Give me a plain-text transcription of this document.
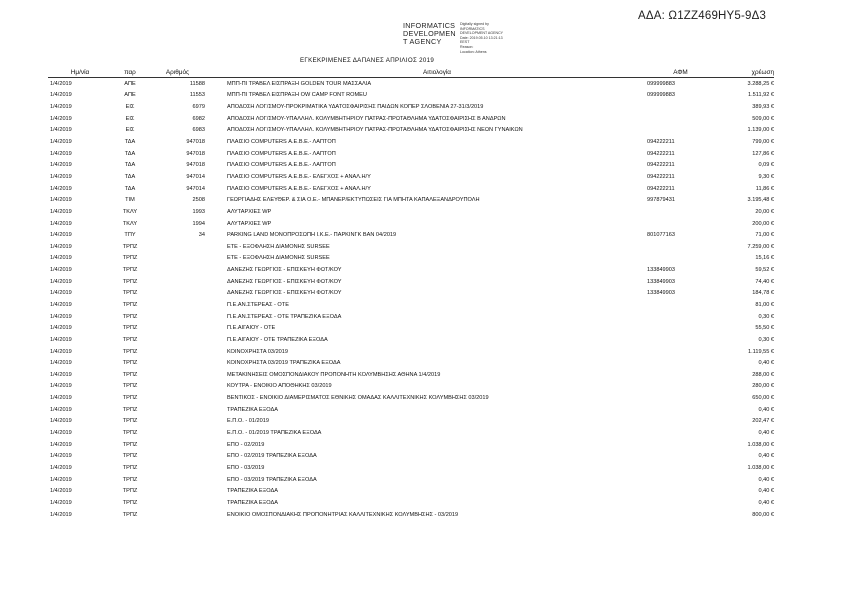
ΑΔΑ: Ω1ΖΖ469ΗΥ5-9Δ3
INFORMATICS
DEVELOPMEN
T AGENCY
Digitally signed by
INFORMATICS
DEVELOPMENT AGENCY
Date: 2019.05.10 13:21:13
EEST
Reason:
Location: Athens
ΕΓΚΕΚΡΙΜΕΝΕΣ ΔΑΠΑΝΕΣ ΑΠΡΙΛΙΟΣ 2019
Ημ/νία	παρ	Αριθμός		Αιτιολογία	ΑΦΜ	χρέωση
1/4/2019	ΑΠΕ	11588		ΜΠΠ-ΠΙ ΤΡΑΒΕΛ ΕΙΣΠΡΑΞΗ GOLDEN TOUR ΜΑΣΣΑΛΙΑ	099999883	3.288,25 €
1/4/2019	ΑΠΕ	11553		ΜΠΠ-ΠΙ ΤΡΑΒΕΛ ΕΙΣΠΡΑΞΗ ΟW CAMP FONT ROMEU	099999883	1.511,92 €
1/4/2019	ΕΙΣ	6979		ΑΠΟΔΟΣΗ ΛΟΓ/ΣΜΟΥ-ΠΡΟΚΡΙΜΑΤΙΚΑ ΥΔΑΤΟΣΦΑΙΡΙΣΗΣ ΠΑΙΔΩΝ ΚΟΠΕΡ ΣΛΟΒΕΝΙΑ 27-31/3/2019		389,93 €
1/4/2019	ΕΙΣ	6982		ΑΠΟΔΟΣΗ ΛΟΓ/ΣΜΟΥ-ΥΠΑΛΛΗΛ. ΚΟΛΥΜΒΗΤΗΡΙΟΥ ΠΑΤΡΑΣ-ΠΡΩΤΑΘΛΗΜΑ ΥΔΑΤΟΣΦΑΙΡΙΣΗΣ Β ΑΝΔΡΩΝ		509,00 €
1/4/2019	ΕΙΣ	6983		ΑΠΟΔΟΣΗ ΛΟΓ/ΣΜΟΥ-ΥΠΑΛΛΗΛ. ΚΟΛΥΜΒΗΤΗΡΙΟΥ ΠΑΤΡΑΣ-ΠΡΩΤΑΘΛΗΜΑ ΥΔΑΤΟΣΦΑΙΡΙΣΗΣ ΝΕΩΝ ΓΥΝΑΙΚΩΝ		1.139,00 €
1/4/2019	ΤΔΑ	947018		ΠΛΑΙΣΙΟ COMPUTERS Α.Ε.Β.Ε.- ΛΑΠΤΟΠ	094222211	799,00 €
1/4/2019	ΤΔΑ	947018		ΠΛΑΙΣΙΟ COMPUTERS Α.Ε.Β.Ε.- ΛΑΠΤΟΠ	094222211	127,86 €
1/4/2019	ΤΔΑ	947018		ΠΛΑΙΣΙΟ COMPUTERS Α.Ε.Β.Ε.- ΛΑΠΤΟΠ	094222211	0,09 €
1/4/2019	ΤΔΑ	947014		ΠΛΑΙΣΙΟ COMPUTERS Α.Ε.Β.Ε.- ΕΛΕΓΧΟΣ + ΑΝΑΛ.Η/Υ	094222211	9,30 €
1/4/2019	ΤΔΑ	947014		ΠΛΑΙΣΙΟ COMPUTERS Α.Ε.Β.Ε.- ΕΛΕΓΧΟΣ + ΑΝΑΛ.Η/Υ	094222211	11,86 €
1/4/2019	ΤΙΜ	2508		ΓΕΩΡΓΙΑΔΗΣ ΕΛΕΥΘΕΡ. & ΣΙΑ Ο.Ε.- ΜΠΑΝΕΡ/ΕΚΤΥΠΩΣΕΙΣ ΓΙΑ ΜΠΗΤΑ ΚΑΠΑΛΕΞΑΝΔΡΟΥΠΟΛΗ	997879431	3.195,48 €
1/4/2019	ΤΚΛΥ	1993		ΑΛΥΤΑΡΧΙΕΣ WP		20,00 €
1/4/2019	ΤΚΛΥ	1994		ΑΛΥΤΑΡΧΙΕΣ WP		200,00 €
1/4/2019	ΤΠΥ	34		PARKING LAND ΜΟΝΟΠΡΟΣΩΠΗ Ι.Κ.Ε.- ΠΑΡΚΙΝΓΚ ΒΑΝ 04/2019	801077163	71,00 €
1/4/2019	ΤΡΠΖ			ΕΤΕ - ΕΞΟΦΛΗΣΗ ΔΙΑΜΟΝΗΣ SURSEE		7.259,00 €
1/4/2019	ΤΡΠΖ			ΕΤΕ - ΕΞΟΦΛΗΣΗ ΔΙΑΜΟΝΗΣ SURSEE		15,16 €
1/4/2019	ΤΡΠΖ			ΔΑΝΕΖΗΣ ΓΕΩΡΓΙΟΣ - ΕΠΙΣΚΕΥΗ ΦΩΤ/ΚΟΥ	133849903	59,52 €
1/4/2019	ΤΡΠΖ			ΔΑΝΕΖΗΣ ΓΕΩΡΓΙΟΣ - ΕΠΙΣΚΕΥΗ ΦΩΤ/ΚΟΥ	133849903	74,40 €
1/4/2019	ΤΡΠΖ			ΔΑΝΕΖΗΣ ΓΕΩΡΓΙΟΣ - ΕΠΙΣΚΕΥΗ ΦΩΤ/ΚΟΥ	133849903	184,78 €
1/4/2019	ΤΡΠΖ			Π.Ε.ΑΝ.ΣΤΕΡΕΑΣ - ΟΤΕ		81,00 €
1/4/2019	ΤΡΠΖ			Π.Ε.ΑΝ.ΣΤΕΡΕΑΣ - ΟΤΕ ΤΡΑΠΕΖΙΚΑ ΕΞΟΔΑ		0,30 €
1/4/2019	ΤΡΠΖ			Π.Ε.ΑΙΓΑΙΟΥ - ΟΤΕ		55,50 €
1/4/2019	ΤΡΠΖ			Π.Ε.ΑΙΓΑΙΟΥ - ΟΤΕ ΤΡΑΠΕΖΙΚΑ ΕΞΟΔΑ		0,30 €
1/4/2019	ΤΡΠΖ			ΚΟΙΝΟΧΡΗΣΤΑ 03/2019		1.119,55 €
1/4/2019	ΤΡΠΖ			ΚΟΙΝΟΧΡΗΣΤΑ 03/2019 ΤΡΑΠΕΖΙΚΑ ΕΞΟΔΑ		0,40 €
1/4/2019	ΤΡΠΖ			ΜΕΤΑΚΙΝΗΣΕΙΣ ΟΜΟΣΠΟΝΔΙΑΚΟΥ ΠΡΟΠΟΝΗΤΗ ΚΟΛΥΜΒΗΣΗΣ ΑΘΗΝΑ 1/4/2019		288,00 €
1/4/2019	ΤΡΠΖ			ΚΟΥΤΡΑ - ΕΝΟΙΚΙΟ ΑΠΟΘΗΚΗΣ 03/2019		280,00 €
1/4/2019	ΤΡΠΖ			ΒΕΝΤΙΚΟΣ - ΕΝΟΙΚΙΟ ΔΙΑΜΕΡΙΣΜΑΤΟΣ ΕΘΝΙΚΗΣ ΟΜΑΔΑΣ ΚΑΛΛΙΤΕΧΝΙΚΗΣ ΚΟΛΥΜΒΗΣΗΣ 03/2019		650,00 €
1/4/2019	ΤΡΠΖ			ΤΡΑΠΕΖΙΚΑ ΕΞΟΔΑ		0,40 €
1/4/2019	ΤΡΠΖ			Ε.Π.Ο. - 01/2019		202,47 €
1/4/2019	ΤΡΠΖ			Ε.Π.Ο. - 01/2019 ΤΡΑΠΕΖΙΚΑ ΕΞΟΔΑ		0,40 €
1/4/2019	ΤΡΠΖ			ΕΠΟ - 02/2019		1.038,00 €
1/4/2019	ΤΡΠΖ			ΕΠΟ - 02/2019 ΤΡΑΠΕΖΙΚΑ ΕΞΟΔΑ		0,40 €
1/4/2019	ΤΡΠΖ			ΕΠΟ - 03/2019		1.038,00 €
1/4/2019	ΤΡΠΖ			ΕΠΟ - 03/2019 ΤΡΑΠΕΖΙΚΑ ΕΞΟΔΑ		0,40 €
1/4/2019	ΤΡΠΖ			ΤΡΑΠΕΖΙΚΑ ΕΞΟΔΑ		0,40 €
1/4/2019	ΤΡΠΖ			ΤΡΑΠΕΖΙΚΑ ΕΞΟΔΑ		0,40 €
1/4/2019	ΤΡΠΖ			ΕΝΟΙΚΙΟ ΟΜΟΣΠΟΝΔΙΑΚΗΣ ΠΡΟΠΟΝΗΤΡΙΑΣ ΚΑΛΛΙΤΕΧΝΙΚΗΣ ΚΟΛΥΜΒΗΣΗΣ - 03/2019		800,00 €
